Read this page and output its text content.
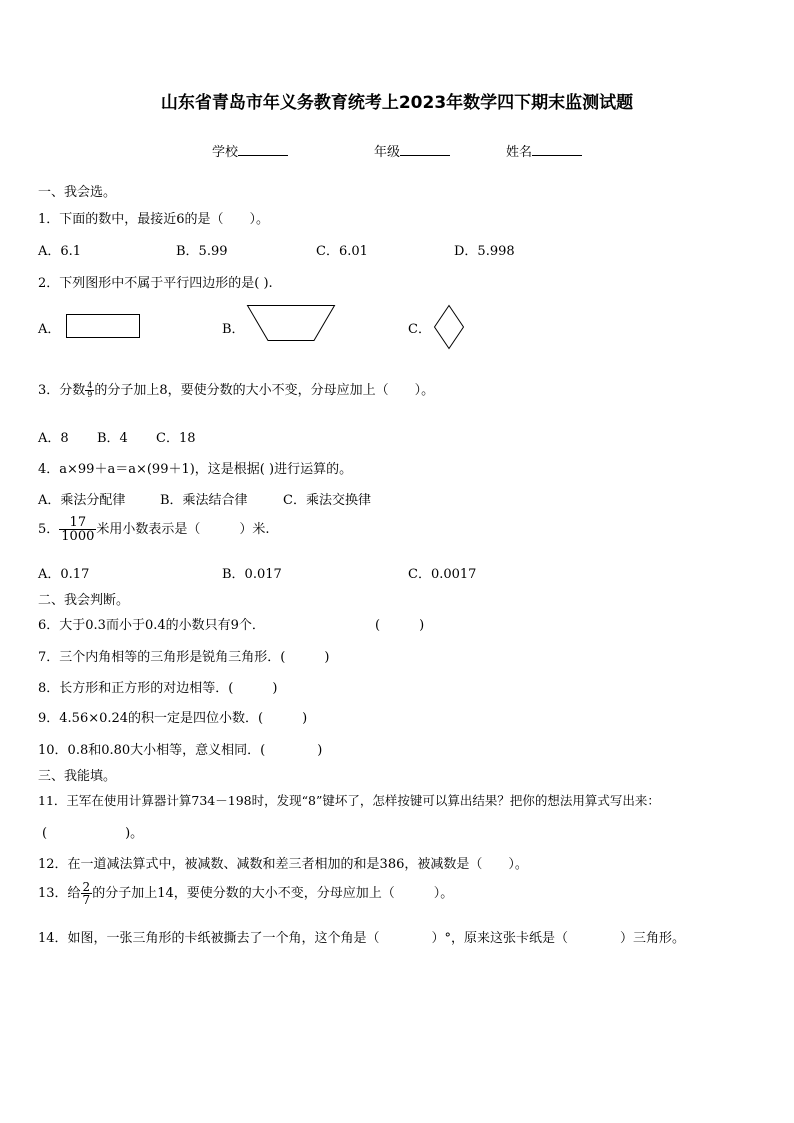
山东省青岛市年义务教育统考上2023年数学四下期末监测试题
学校	年级	姓名
一、我会选。
1．下面的数中，最接近6的是（　　）。
A．6.1	B．5.99	C．6.01	D．5.998
2．下列图形中不属于平行四边形的是( ).
A．	B．	C．
3．分数 $\frac{4}{9}$ 的分子加上8，要使分数的大小不变，分母应加上（　　）。
A．8 B．4 C．18
4．a×99＋a＝a×(99＋1)，这是根据( )进行运算的。
A．乘法分配律	B．乘法结合律	C．乘法交换律
5． $\frac{17}{1000}$ 米用小数表示是（　　　）米.
A．0.17	B．0.017	C．0.0017
二、我会判断。
6．大于0.3而小于0.4的小数只有9个．	(　　　)
7．三个内角相等的三角形是锐角三角形．(　　　)
8．长方形和正方形的对边相等．(　　　)
9．4.56×0.24的积一定是四位小数．(　　　)
10．0.8和0.80大小相等，意义相同．(　　　　)
三、我能填。
11．王军在使用计算器计算734－198时，发现“8”键坏了，怎样按键可以算出结果？把你的想法用算式写出来：
(　　　　　　)。
12．在一道减法算式中，被减数、减数和差三者相加的和是386，被减数是（　　）。
13．给 $\frac{2}{7}$ 的分子加上14，要使分数的大小不变，分母应加上（　　　）。
14．如图，一张三角形的卡纸被撕去了一个角，这个角是（　　　　）°，原来这张卡纸是（　　　　）三角形。
